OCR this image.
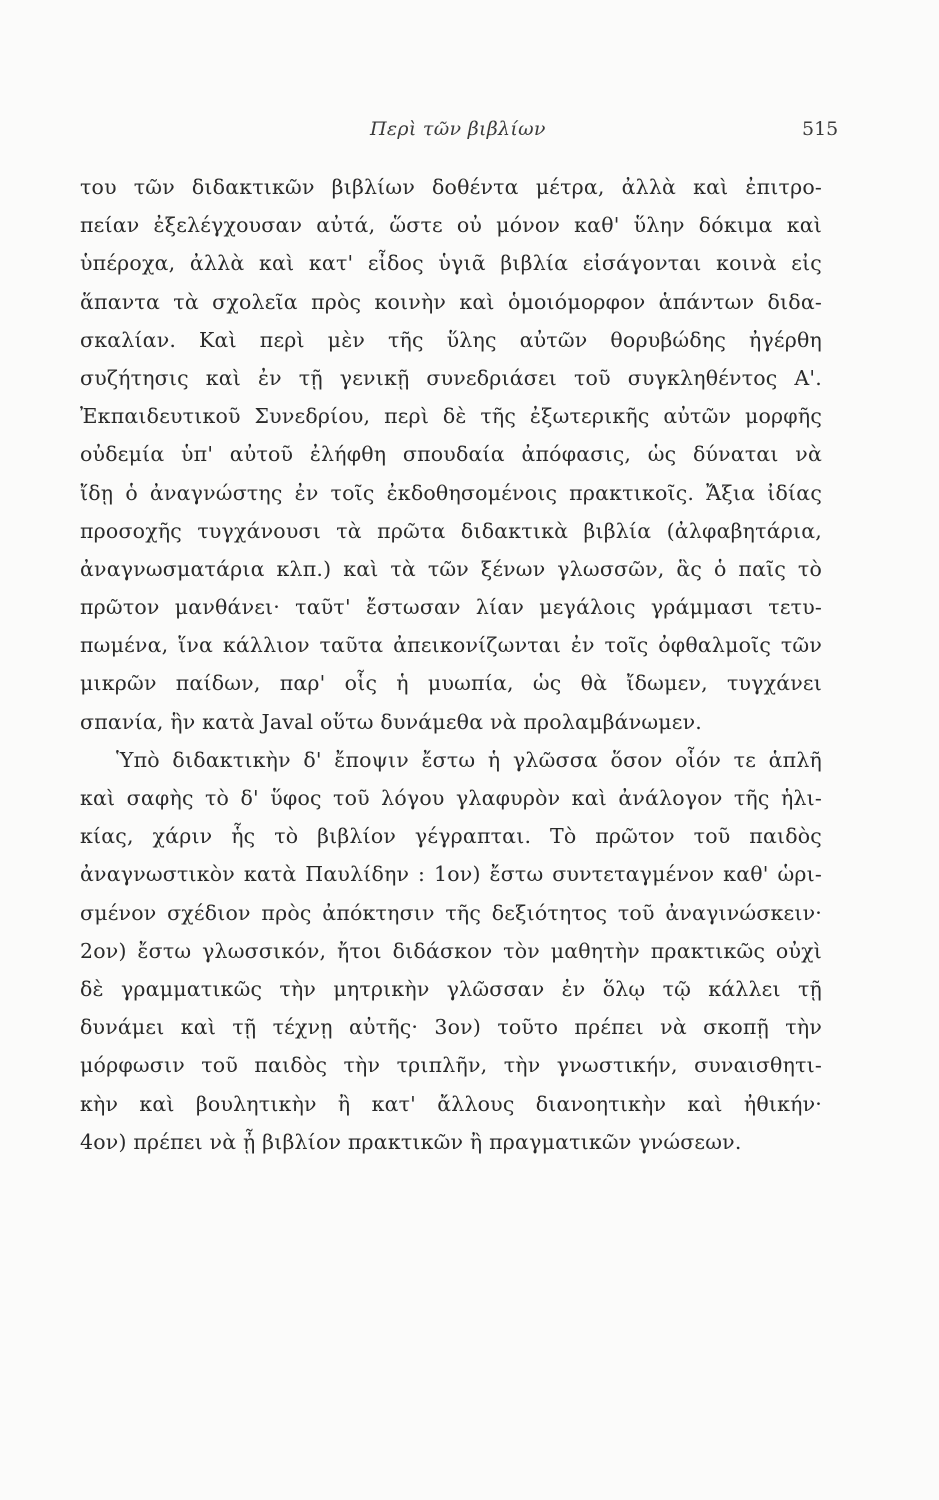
Περὶ τῶν βιβλίων	515
του τῶν διδακτικῶν βιβλίων δοθέντα μέτρα, ἀλλὰ καὶ ἐπιτρο-
πείαν ἐξελέγχουσαν αὐτά, ὥστε οὐ μόνον καθ' ὕλην δόκιμα καὶ
ὑπέροχα, ἀλλὰ καὶ κατ' εἶδος ὑγιᾶ βιβλία εἰσάγονται κοινὰ εἰς
ἅπαντα τὰ σχολεῖα πρὸς κοινὴν καὶ ὁμοιόμορφον ἁπάντων διδα-
σκαλίαν. Καὶ περὶ μὲν τῆς ὕλης αὐτῶν θορυβώδης ἠγέρθη
συζήτησις καὶ ἐν τῇ γενικῇ συνεδριάσει τοῦ συγκληθέντος Α'.
Ἐκπαιδευτικοῦ Συνεδρίου, περὶ δὲ τῆς ἐξωτερικῆς αὐτῶν μορφῆς
οὐδεμία ὑπ' αὐτοῦ ἐλήφθη σπουδαία ἀπόφασις, ὡς δύναται νὰ
ἴδῃ ὁ ἀναγνώστης ἐν τοῖς ἐκδοθησομένοις πρακτικοῖς. Ἄξια ἰδίας
προσοχῆς τυγχάνουσι τὰ πρῶτα διδακτικὰ βιβλία (ἀλφαβητάρια,
ἀναγνωσματάρια κλπ.) καὶ τὰ τῶν ξένων γλωσσῶν, ἃς ὁ παῖς τὸ
πρῶτον μανθάνει· ταῦτ' ἔστωσαν λίαν μεγάλοις γράμμασι τετυ-
πωμένα, ἵνα κάλλιον ταῦτα ἀπεικονίζωνται ἐν τοῖς ὀφθαλμοῖς τῶν
μικρῶν παίδων, παρ' οἷς ἡ μυωπία, ὡς θὰ ἴδωμεν, τυγχάνει
σπανία, ἣν κατὰ Javal οὕτω δυνάμεθα νὰ προλαμβάνωμεν.
Ὑπὸ διδακτικὴν δ' ἔποψιν ἔστω ἡ γλῶσσα ὅσον οἷόν τε ἁπλῆ
καὶ σαφὴς τὸ δ' ὕφος τοῦ λόγου γλαφυρὸν καὶ ἀνάλογον τῆς ἡλι-
κίας, χάριν ἧς τὸ βιβλίον γέγραπται. Τὸ πρῶτον τοῦ παιδὸς
ἀναγνωστικὸν κατὰ Παυλίδην : 1ον) ἔστω συντεταγμένον καθ' ὡρι-
σμένον σχέδιον πρὸς ἀπόκτησιν τῆς δεξιότητος τοῦ ἀναγινώσκειν·
2ον) ἔστω γλωσσικόν, ἤτοι διδάσκον τὸν μαθητὴν πρακτικῶς οὐχὶ
δὲ γραμματικῶς τὴν μητρικὴν γλῶσσαν ἐν ὅλῳ τῷ κάλλει τῇ
δυνάμει καὶ τῇ τέχνῃ αὐτῆς· 3ον) τοῦτο πρέπει νὰ σκοπῇ τὴν
μόρφωσιν τοῦ παιδὸς τὴν τριπλῆν, τὴν γνωστικήν, συναισθητι-
κὴν καὶ βουλητικὴν ἢ κατ' ἄλλους διανοητικὴν καὶ ἠθικήν·
4ον) πρέπει νὰ ᾖ βιβλίον πρακτικῶν ἢ πραγματικῶν γνώσεων.
